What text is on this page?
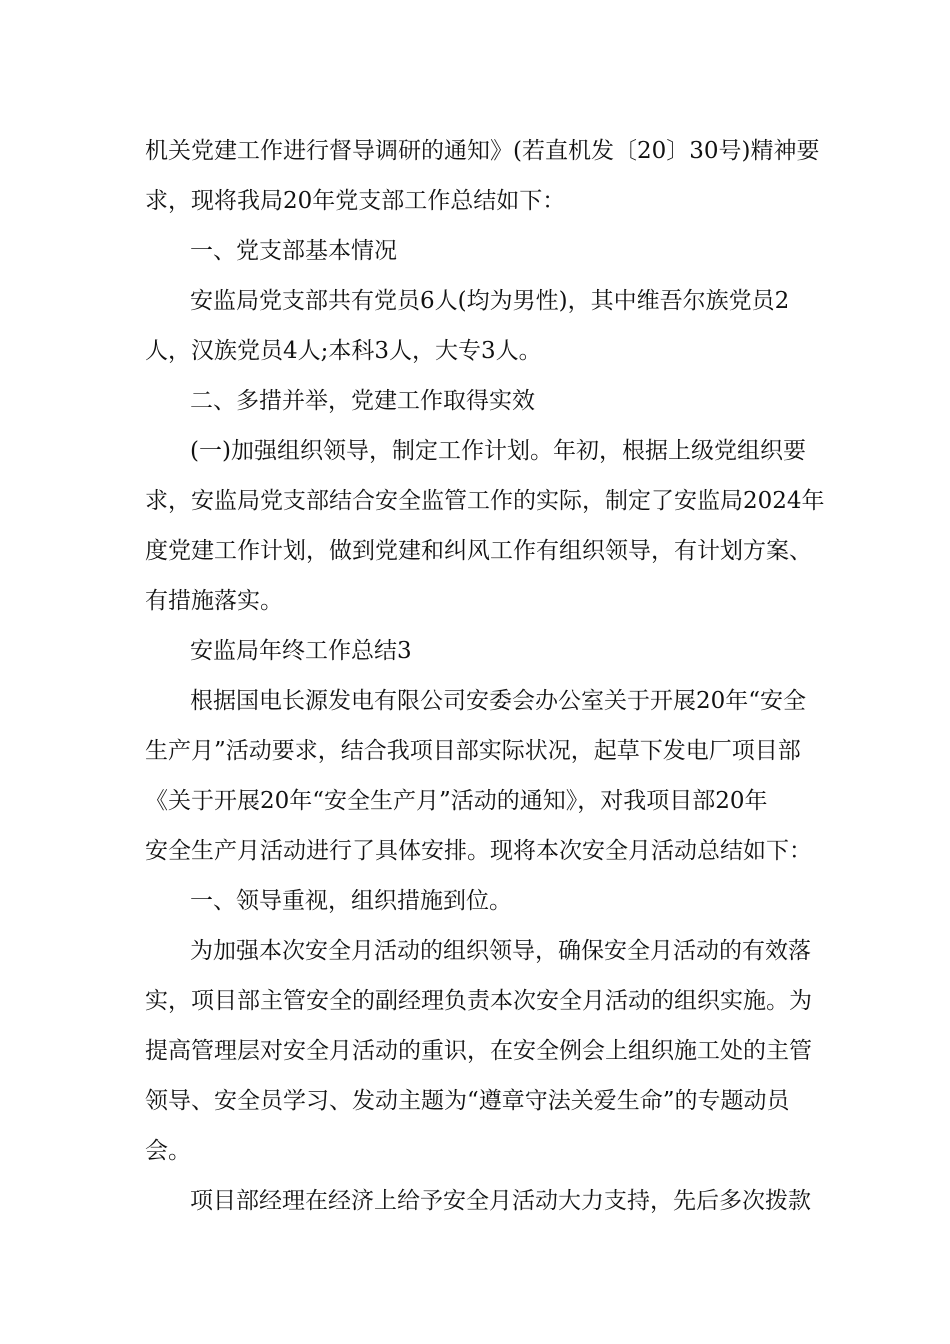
机关党建工作进行督导调研的通知》(若直机发〔20〕30号)精神要
求，现将我局20年党支部工作总结如下：
一、党支部基本情况
安监局党支部共有党员6人(均为男性)，其中维吾尔族党员2
人，汉族党员4人;本科3人，大专3人。
二、多措并举，党建工作取得实效
(一)加强组织领导，制定工作计划。年初，根据上级党组织要
求，安监局党支部结合安全监管工作的实际，制定了安监局2024年
度党建工作计划，做到党建和纠风工作有组织领导，有计划方案、
有措施落实。
安监局年终工作总结3
根据国电长源发电有限公司安委会办公室关于开展20年“安全
生产月”活动要求，结合我项目部实际状况，起草下发电厂项目部
《关于开展20年“安全生产月”活动的通知》，对我项目部20年
安全生产月活动进行了具体安排。现将本次安全月活动总结如下：
一、领导重视，组织措施到位。
为加强本次安全月活动的组织领导，确保安全月活动的有效落
实，项目部主管安全的副经理负责本次安全月活动的组织实施。为
提高管理层对安全月活动的重识，在安全例会上组织施工处的主管
领导、安全员学习、发动主题为“遵章守法关爱生命”的专题动员
会。
项目部经理在经济上给予安全月活动大力支持，先后多次拨款
